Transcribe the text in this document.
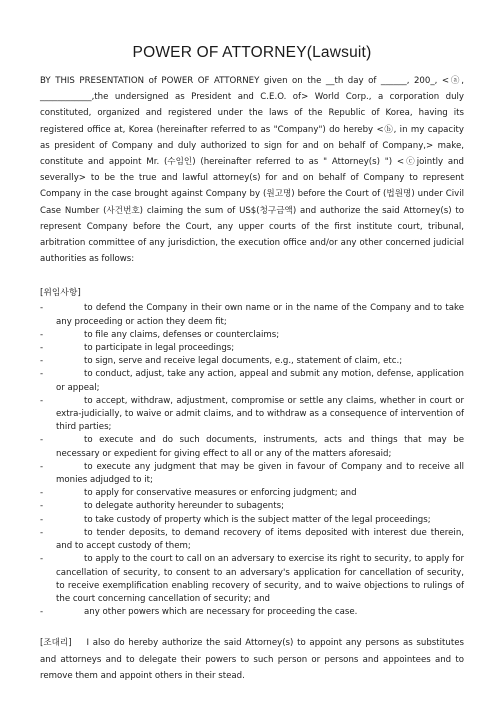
POWER OF ATTORNEY(Lawsuit)

BY THIS PRESENTATION of POWER OF ATTORNEY given on the __th day of ______, 200_, <ⓐ, ____________,the undersigned as President and C.E.O. of> World Corp., a corporation duly constituted, organized and registered under the laws of the Republic of Korea, having its registered office at, Korea (hereinafter referred to as "Company") do hereby <ⓑ, in my capacity as president of Company and duly authorized to sign for and on behalf of Company,> make, constitute and appoint Mr. (수임인) (hereinafter referred to as " Attorney(s) ") <ⓒjointly and severally> to be the true and lawful attorney(s) for and on behalf of Company to represent Company in the case brought against Company by (원고명) before the Court of (법원명) under Civil Case Number (사건번호) claiming the sum of US$(청구금액) and authorize the said Attorney(s) to represent Company before the Court, any upper courts of the first institute court, tribunal, arbitration committee of any jurisdiction, the execution office and/or any other concerned judicial authorities as follows:

[위임사항]
-	to defend the Company in their own name or in the name of the Company and to take any proceeding or action they deem fit;
-	to file any claims, defenses or counterclaims;
-	to participate in legal proceedings;
-	to sign, serve and receive legal documents, e.g., statement of claim, etc.;
-	to conduct, adjust, take any action, appeal and submit any motion, defense, application or appeal;
-	to accept, withdraw, adjustment, compromise or settle any claims, whether in court or extra-judicially, to waive or admit claims, and to withdraw as a consequence of intervention of third parties;
-	to execute and do such documents, instruments, acts and things that may be necessary or expedient for giving effect to all or any of the matters aforesaid;
-	to execute any judgment that may be given in favour of Company and to receive all monies adjudged to it;
-	to apply for conservative measures or enforcing judgment; and
-	to delegate authority hereunder to subagents;
-	to take custody of property which is the subject matter of the legal proceedings;
-	to tender deposits, to demand recovery of items deposited with interest due therein, and to accept custody of them;
-	to apply to the court to call on an adversary to exercise its right to security, to apply for cancellation of security, to consent to an adversary's application for cancellation of security, to receive exemplification enabling recovery of security, and to waive objections to rulings of the court concerning cancellation of security; and
-	any other powers which are necessary for proceeding the case.

[조대리] I also do hereby authorize the said Attorney(s) to appoint any persons as substitutes and attorneys and to delegate their powers to such person or persons and appointees and to remove them and appoint others in their stead.
